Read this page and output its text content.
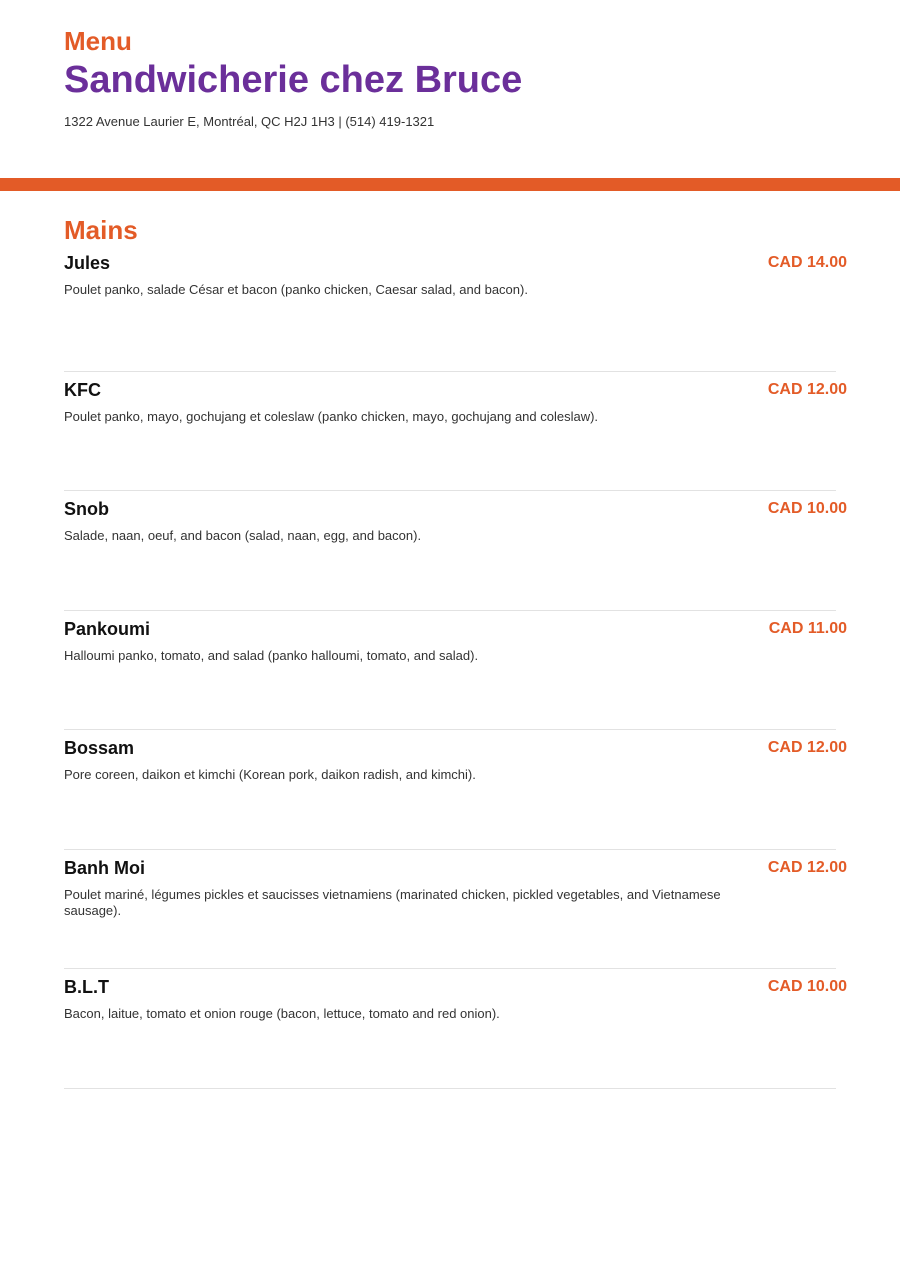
Menu
Sandwicherie chez Bruce
1322 Avenue Laurier E, Montréal, QC H2J 1H3 | (514) 419-1321
Mains
Jules	CAD 14.00
Poulet panko, salade César et bacon (panko chicken, Caesar salad, and bacon).
KFC	CAD 12.00
Poulet panko, mayo, gochujang et coleslaw (panko chicken, mayo, gochujang and coleslaw).
Snob	CAD 10.00
Salade, naan, oeuf, and bacon (salad, naan, egg, and bacon).
Pankoumi	CAD 11.00
Halloumi panko, tomato, and salad (panko halloumi, tomato, and salad).
Bossam	CAD 12.00
Pore coreen, daikon et kimchi (Korean pork, daikon radish, and kimchi).
Banh Moi	CAD 12.00
Poulet mariné, légumes pickles et saucisses vietnamiens (marinated chicken, pickled vegetables, and Vietnamese sausage).
B.L.T	CAD 10.00
Bacon, laitue, tomato et onion rouge (bacon, lettuce, tomato and red onion).
